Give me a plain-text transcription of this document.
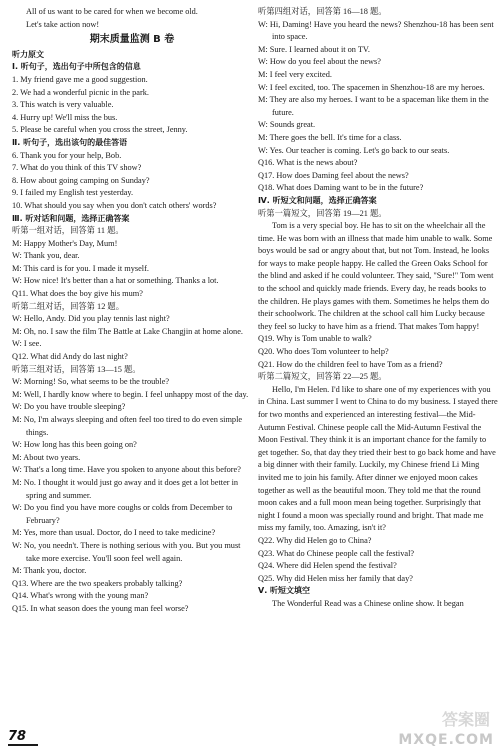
All of us want to be cared for when we become old.

Let's take action now!

期末质量监测 B 卷

听力原文

Ⅰ. 听句子，选出句子中所包含的信息

1. My friend gave me a good suggestion.

2. We had a wonderful picnic in the park.

3. This watch is very valuable.

4. Hurry up! We'll miss the bus.

5. Please be careful when you cross the street, Jenny.

Ⅱ. 听句子，选出该句的最佳答语

6. Thank you for your help, Bob.

7. What do you think of this TV show?

8. How about going camping on Sunday?

9. I failed my English test yesterday.

10. What should you say when you don't catch others' words?

Ⅲ. 听对话和问题，选择正确答案

听第一组对话，回答第 11 题。

M: Happy Mother's Day, Mum!

W: Thank you, dear.

M: This card is for you. I made it myself.

W: How nice! It's better than a hat or something. Thanks a lot.

Q11. What does the boy give his mum?

听第二组对话，回答第 12 题。

W: Hello, Andy. Did you play tennis last night?

M: Oh, no. I saw the film The Battle at Lake Changjin at home alone.

W: I see.

Q12. What did Andy do last night?

听第三组对话，回答第 13—15 题。

W: Morning! So, what seems to be the trouble?

M: Well, I hardly know where to begin. I feel unhappy most of the day.

W: Do you have trouble sleeping?

M: No, I'm always sleeping and often feel too tired to do even simple things.

W: How long has this been going on?

M: About two years.

W: That's a long time. Have you spoken to anyone about this before?

M: No. I thought it would just go away and it does get a lot better in spring and summer.

W: Do you find you have more coughs or colds from December to February?

M: Yes, more than usual. Doctor, do I need to take medicine?

W: No, you needn't. There is nothing serious with you. But you must take more exercise. You'll soon feel well again.

M: Thank you, doctor.

Q13. Where are the two speakers probably talking?

Q14. What's wrong with the young man?

Q15. In what season does the young man feel worse?

听第四组对话，回答第 16—18 题。

W: Hi, Daming! Have you heard the news? Shenzhou-18 has been sent into space.

M: Sure. I learned about it on TV.

W: How do you feel about the news?

M: I feel very excited.

W: I feel excited, too. The spacemen in Shenzhou-18 are my heroes.

M: They are also my heroes. I want to be a spaceman like them in the future.

W: Sounds great.

M: There goes the bell. It's time for a class.

W: Yes. Our teacher is coming. Let's go back to our seats.

Q16. What is the news about?

Q17. How does Daming feel about the news?

Q18. What does Daming want to be in the future?

Ⅳ. 听短文和问题，选择正确答案

听第一篇短文，回答第 19—21 题。

Tom is a very special boy. He has to sit on the wheelchair all the time. He was born with an illness that made him unable to walk. Some boys would be sad or angry about that, but not Tom. Instead, he looks for ways to make people happy. He called the Green Oaks School for the blind and asked if he could volunteer. They said, "Sure!" Tom went to the school and quickly made friends. Every day, he reads books to the children. He plays games with them. Sometimes he helps them do their schoolwork. The children at the school call him Lucky because they feel so lucky to have him as a friend. That makes Tom happy!

Q19. Why is Tom unable to walk?

Q20. Who does Tom volunteer to help?

Q21. How do the children feel to have Tom as a friend?

听第二篇短文，回答第 22—25 题。

Hello, I'm Helen. I'd like to share one of my experiences with you in China. Last summer I went to China to do my business. I stayed there for two months and experienced an interesting festival—the Mid-Autumn Festival. Chinese people call the Mid-Autumn Festival the Moon Festival. They think it is an important chance for the family to get together. So, that day they tried their best to go back home and have a big dinner with their family. Luckily, my Chinese friend Li Ming invited me to join his family. After dinner we enjoyed moon cakes together as well as the beautiful moon. They told me that the round moon cakes and a full moon mean being together. Surprisingly that night I found a moon was specially round and bright. That made me miss my family, too. Amazing, isn't it?

Q22. Why did Helen go to China?

Q23. What do Chinese people call the festival?

Q24. Where did Helen spend the festival?

Q25. Why did Helen miss her family that day?

Ⅴ. 听短文填空

The Wonderful Read was a Chinese online show. It began

答案圈
MXQE.COM
78
